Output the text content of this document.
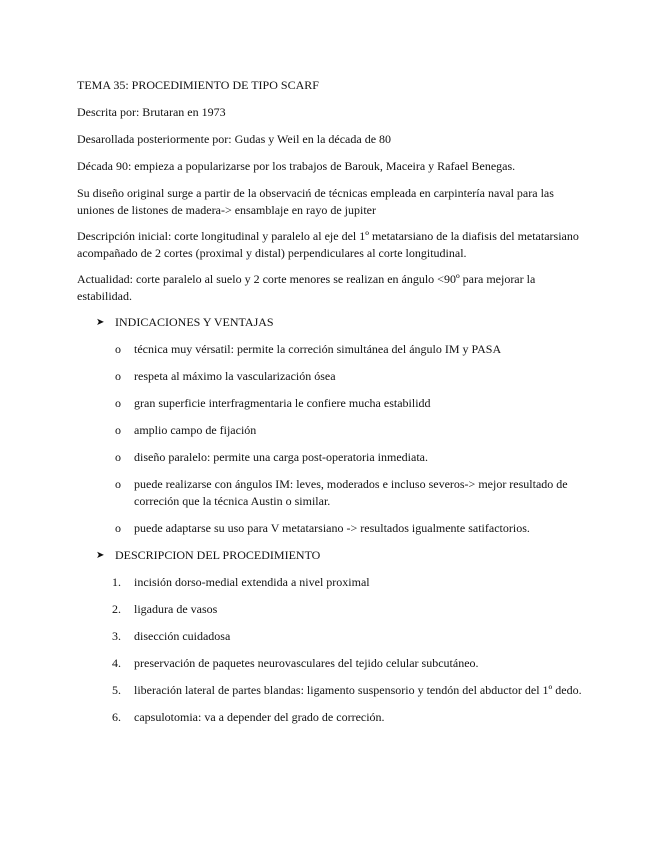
TEMA 35: PROCEDIMIENTO DE TIPO SCARF

Descrita por: Brutaran en 1973

Desarollada posteriormente por: Gudas y Weil en la década de 80

Década 90: empieza a popularizarse por los trabajos de Barouk, Maceira y Rafael Benegas.

Su diseño original surge a partir de la observaciń de técnicas empleada en carpintería naval para las uniones de listones de madera-> ensamblaje en rayo de jupiter

Descripción inicial: corte longitudinal y paralelo al eje del 1º metatarsiano de la diafisis del metatarsiano acompañado de 2 cortes (proximal y distal) perpendiculares al corte longitudinal.

Actualidad: corte paralelo al suelo y 2 corte menores se realizan en ángulo <90º para mejorar la estabilidad.

➤ INDICACIONES Y VENTAJAS
o técnica muy vérsatil: permite la correción simultánea del ángulo IM y PASA
o respeta al máximo la vascularización ósea
o gran superficie interfragmentaria le confiere mucha estabilidd
o amplio campo de fijación
o diseño paralelo: permite una carga post-operatoria inmediata.
o puede realizarse con ángulos IM: leves, moderados e incluso severos-> mejor resultado de correción que la técnica Austin o similar.
o puede adaptarse su uso para V metatarsiano -> resultados igualmente satifactorios.
➤ DESCRIPCION DEL PROCEDIMIENTO
1. incisión dorso-medial extendida a nivel proximal
2. ligadura de vasos
3. disección cuidadosa
4. preservación de paquetes neurovasculares del tejido celular subcutáneo.
5. liberación lateral de partes blandas: ligamento suspensorio y tendón del abductor del 1º dedo.
6. capsulotomia: va a depender del grado de correción.
